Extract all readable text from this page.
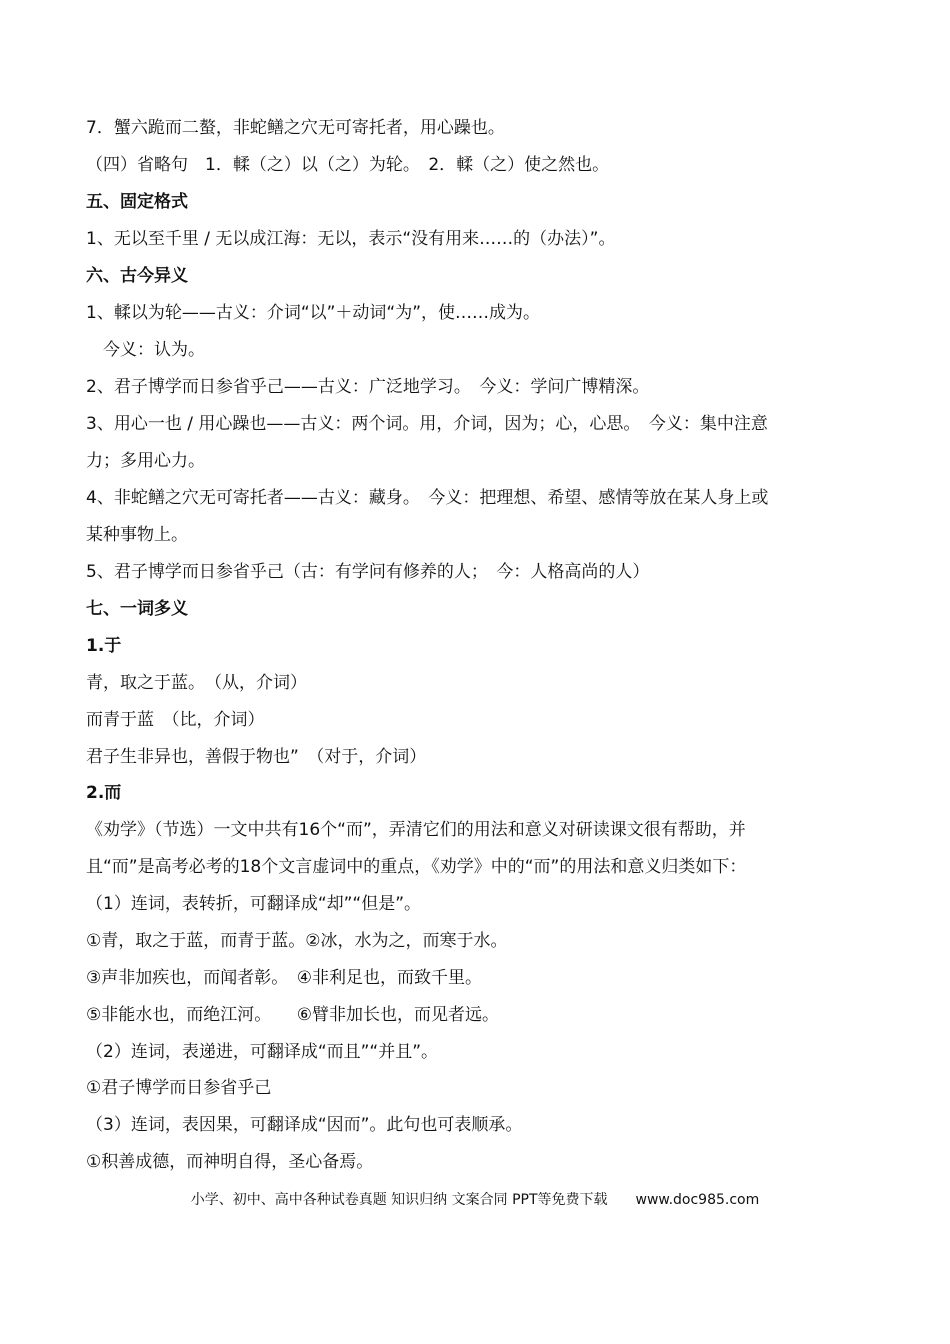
7．蟹六跪而二螯，非蛇鳝之穴无可寄托者，用心躁也。
（四）省略句　1．輮（之）以（之）为轮。　2．輮（之）使之然也。
五、固定格式
1、无以至千里 / 无以成江海：无以，表示“没有用来……的（办法）”。
六、古今异义
1、輮以为轮——古义：介词“以”＋动词“为”，使……成为。
　今义：认为。
2、君子博学而日参省乎己——古义：广泛地学习。　今义：学问广博精深。
3、用心一也 / 用心躁也——古义：两个词。用，介词，因为；心，心思。　今义：集中注意
力；多用心力。
4、非蛇鳝之穴无可寄托者——古义：藏身。　今义：把理想、希望、感情等放在某人身上或
某种事物上。
5、君子博学而日参省乎己（古：有学问有修养的人；　今：人格高尚的人）
七、一词多义
1.于
青，取之于蓝。　（从，介词）
而青于蓝　（比，介词）
君子生非异也，善假于物也”　（对于，介词）
2.而
《劝学》（节选）一文中共有16个“而”，弄清它们的用法和意义对研读课文很有帮助，并
且“而”是高考必考的18个文言虚词中的重点，《劝学》中的“而”的用法和意义归类如下：
（1）连词，表转折，可翻译成“却”“但是”。
①青，取之于蓝，而青于蓝。②冰，水为之，而寒于水。
③声非加疾也，而闻者彰。　④非利足也，而致千里。
⑤非能水也，而绝江河。　　⑥臂非加长也，而见者远。
（2）连词，表递进，可翻译成“而且”“并且”。
①君子博学而日参省乎己
（3）连词，表因果，可翻译成“因而”。此句也可表顺承。
①积善成德，而神明自得，圣心备焉。
小学、初中、高中各种试卷真题 知识归纳 文案合同 PPT等免费下载　　www.doc985.com
